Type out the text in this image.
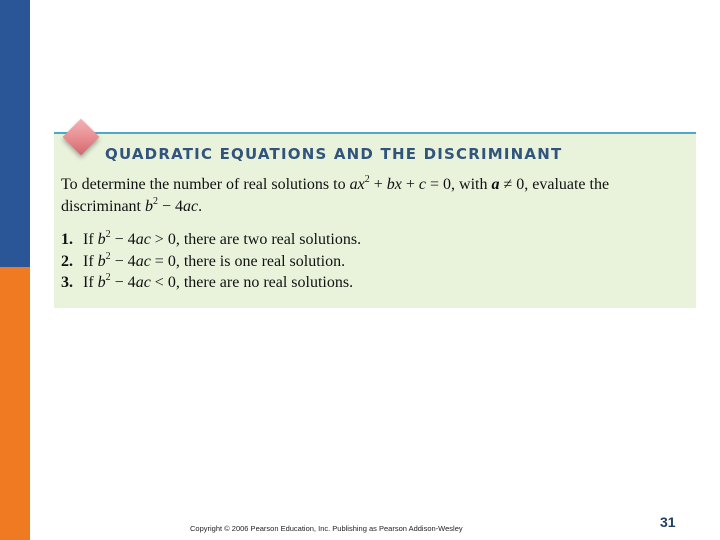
QUADRATIC EQUATIONS AND THE DISCRIMINANT

To determine the number of real solutions to $ax^2$ + bx + c = 0, with a ≠ 0, evaluate the discriminant $b^2 - 4ac$.

1. If $b^2 - 4ac > 0$, there are two real solutions.
2. If $b^2 - 4ac = 0$, there is one real solution.
3. If $b^2 - 4ac < 0$, there are no real solutions.

Copyright © 2006 Pearson Education, Inc. Publishing as Pearson Addison-Wesley	31
